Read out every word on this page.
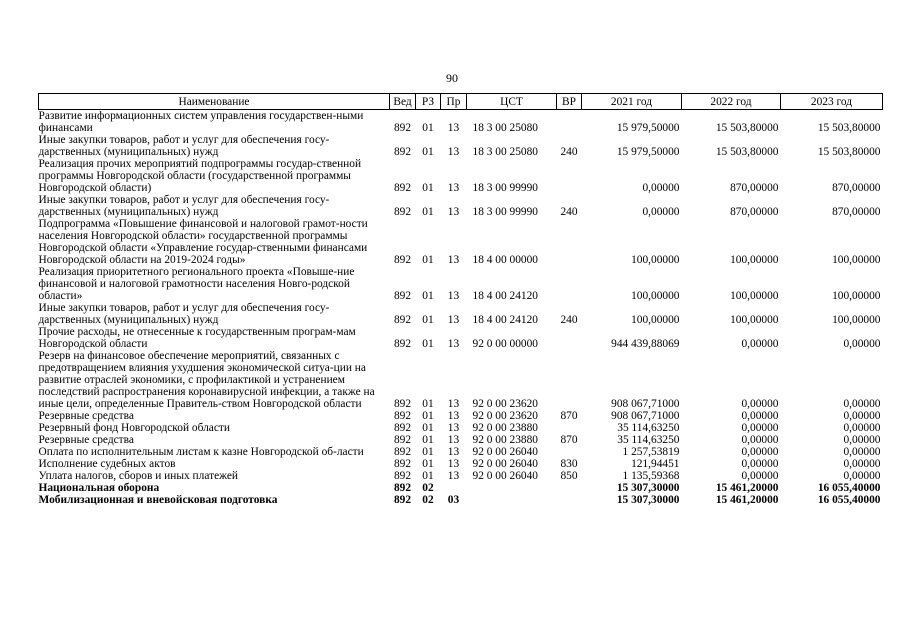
90
Наименование	Вед	РЗ	Пр	ЦСТ	ВР	2021 год	2022 год	2023 год
Развитие информационных систем управления государствен-ными финансами	892	01	13	18 3 00 25080		15 979,50000	15 503,80000	15 503,80000
Иные закупки товаров, работ и услуг для обеспечения госу-дарственных (муниципальных) нужд	892	01	13	18 3 00 25080	240	15 979,50000	15 503,80000	15 503,80000
Реализация прочих мероприятий подпрограммы государ-ственной программы Новгородской области (государственной программы Новгородской области)	892	01	13	18 3 00 99990		0,00000	870,00000	870,00000
Иные закупки товаров, работ и услуг для обеспечения госу-дарственных (муниципальных) нужд	892	01	13	18 3 00 99990	240	0,00000	870,00000	870,00000
Подпрограмма «Повышение финансовой и налоговой грамот-ности населения Новгородской области» государственной программы Новгородской области «Управление государ-ственными финансами Новгородской области на 2019-2024 годы»	892	01	13	18 4 00 00000		100,00000	100,00000	100,00000
Реализация приоритетного регионального проекта «Повыше-ние финансовой и налоговой грамотности населения Новго-родской области»	892	01	13	18 4 00 24120		100,00000	100,00000	100,00000
Иные закупки товаров, работ и услуг для обеспечения госу-дарственных (муниципальных) нужд	892	01	13	18 4 00 24120	240	100,00000	100,00000	100,00000
Прочие расходы, не отнесенные к государственным програм-мам Новгородской области	892	01	13	92 0 00 00000		944 439,88069	0,00000	0,00000
Резерв на финансовое обеспечение мероприятий, связанных с предотвращением влияния ухудшения экономической ситуа-ции на развитие отраслей экономики, с профилактикой и устранением последствий распространения коронавирусной инфекции, а также на иные цели, определенные Правитель-ством Новгородской области	892	01	13	92 0 00 23620		908 067,71000	0,00000	0,00000
Резервные средства	892	01	13	92 0 00 23620	870	908 067,71000	0,00000	0,00000
Резервный фонд Новгородской области	892	01	13	92 0 00 23880		35 114,63250	0,00000	0,00000
Резервные средства	892	01	13	92 0 00 23880	870	35 114,63250	0,00000	0,00000
Оплата по исполнительным листам к казне Новгородской об-ласти	892	01	13	92 0 00 26040		1 257,53819	0,00000	0,00000
Исполнение судебных актов	892	01	13	92 0 00 26040	830	121,94451	0,00000	0,00000
Уплата налогов, сборов и иных платежей	892	01	13	92 0 00 26040	850	1 135,59368	0,00000	0,00000
Национальная оборона	892	02				15 307,30000	15 461,20000	16 055,40000
Мобилизационная и вневойсковая подготовка	892	02	03			15 307,30000	15 461,20000	16 055,40000
